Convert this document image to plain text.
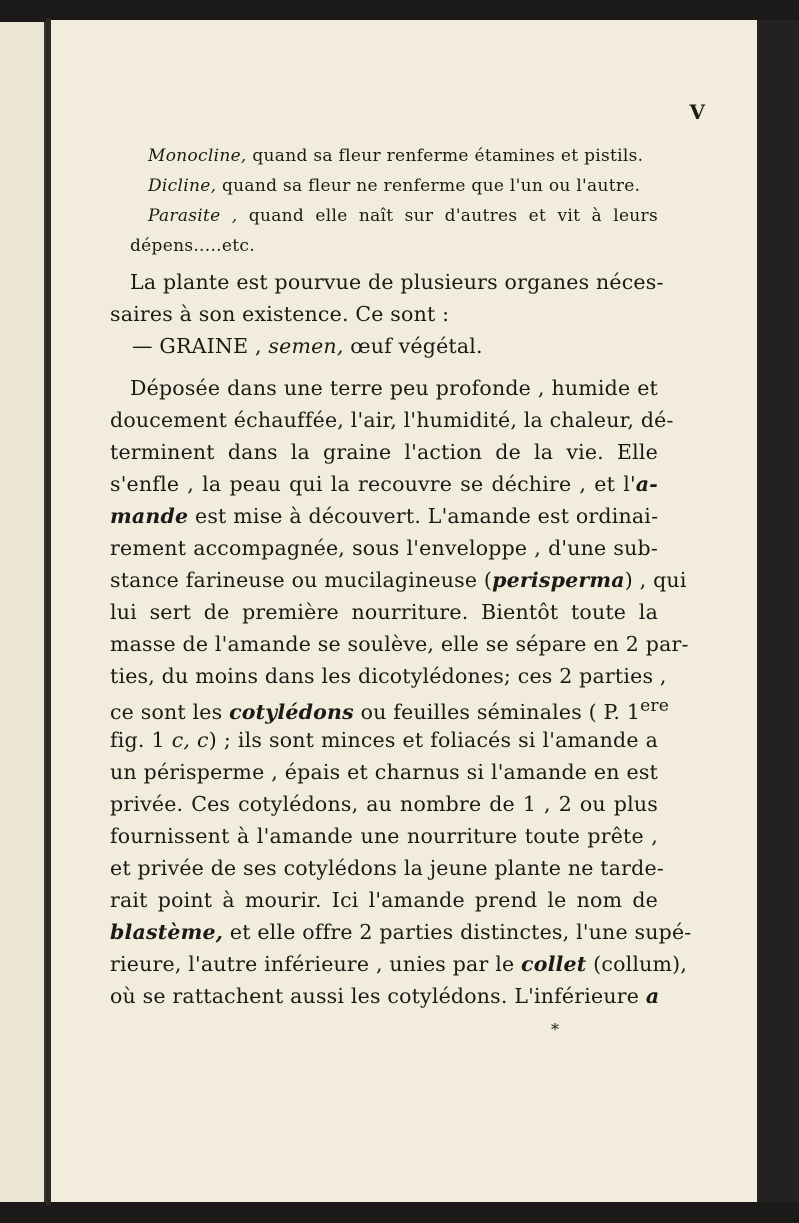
V
Monocline, quand sa fleur renferme étamines et pistils.
Dicline, quand sa fleur ne renferme que l'un ou l'autre.
Parasite , quand elle naît sur d'autres et vit à leurs
dépens.....etc.
La plante est pourvue de plusieurs organes néces-
saires à son existence. Ce sont :
— GRAINE , semen, œuf végétal.
Déposée dans une terre peu profonde , humide et
doucement échauffée, l'air, l'humidité, la chaleur, dé-
terminent dans la graine l'action de la vie. Elle
s'enfle , la peau qui la recouvre se déchire , et l'a-
mande est mise à découvert. L'amande est ordinai-
rement accompagnée, sous l'enveloppe , d'une sub-
stance farineuse ou mucilagineuse (perisperma) , qui
lui sert de première nourriture. Bientôt toute la
masse de l'amande se soulève, elle se sépare en 2 par-
ties, du moins dans les dicotylédones; ces 2 parties ,
ce sont les cotylédons ou feuilles séminales ( P. 1ere
fig. 1 c, c) ; ils sont minces et foliacés si l'amande a
un périsperme , épais et charnus si l'amande en est
privée. Ces cotylédons, au nombre de 1 , 2 ou plus
fournissent à l'amande une nourriture toute prête ,
et privée de ses cotylédons la jeune plante ne tarde-
rait point à mourir. Ici l'amande prend le nom de
blastème, et elle offre 2 parties distinctes, l'une supé-
rieure, l'autre inférieure , unies par le collet (collum),
où se rattachent aussi les cotylédons. L'inférieure a
*
